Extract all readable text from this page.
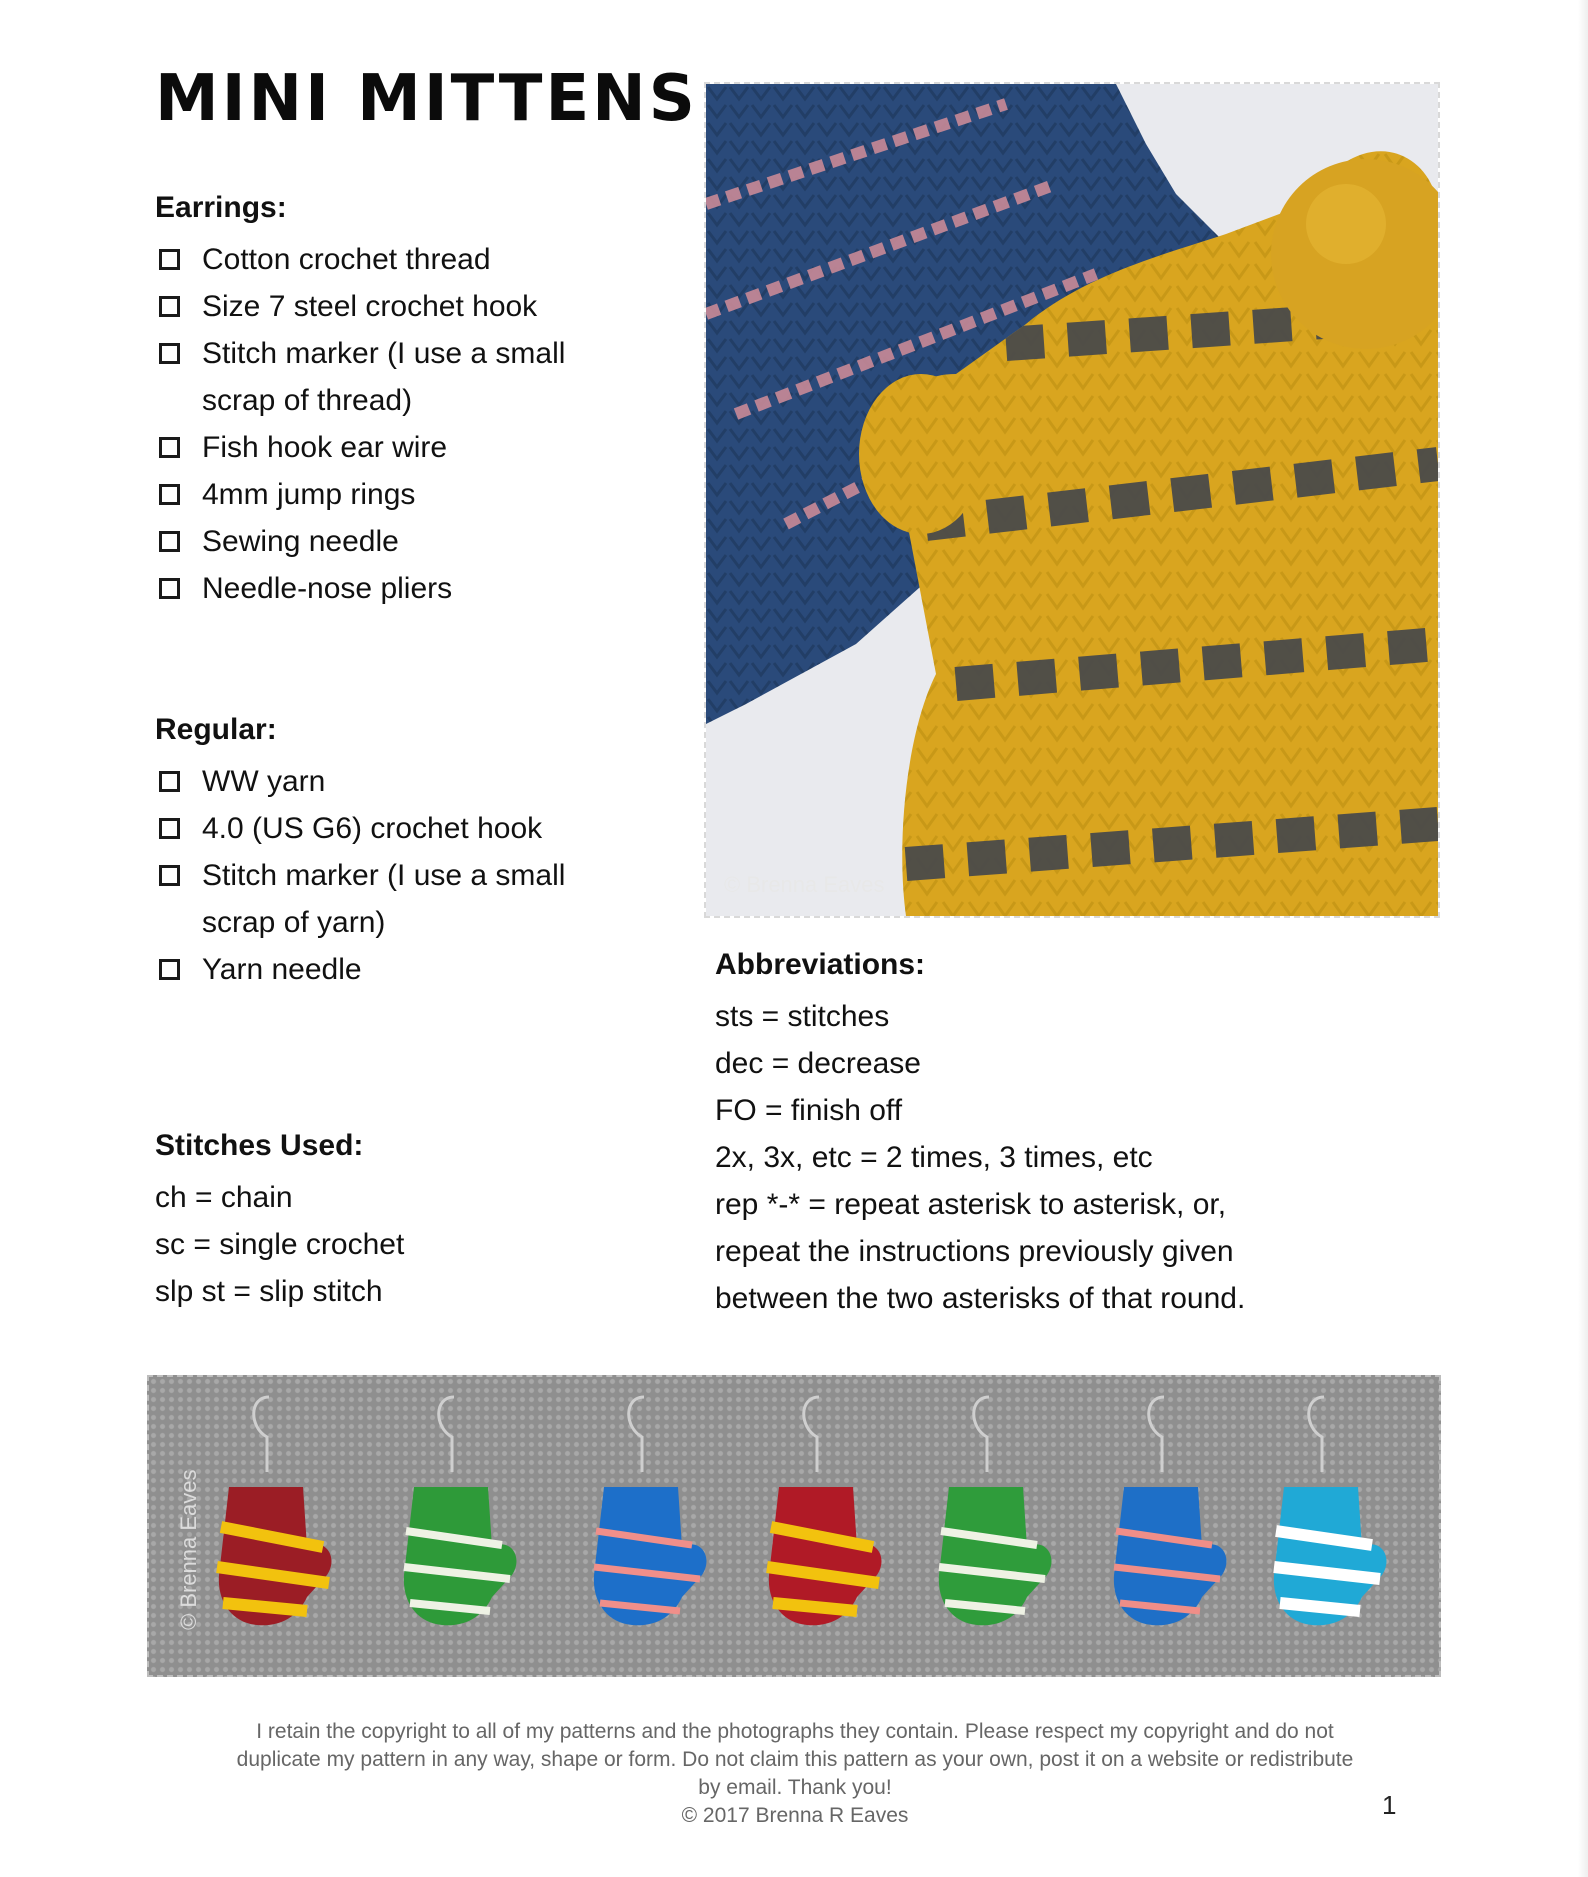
MINI MITTENS

Earrings:

Cotton crochet thread
Size 7 steel crochet hook
Stitch marker (I use a small
scrap of thread)
Fish hook ear wire
4mm jump rings
Sewing needle
Needle-nose pliers

Regular:

WW yarn
4.0 (US G6) crochet hook
Stitch marker (I use a small
scrap of yarn)
Yarn needle

Stitches Used:

ch = chain
sc = single crochet
slp st = slip stitch

Abbreviations:

sts = stitches
dec = decrease
FO = finish off
2x, 3x, etc = 2 times, 3 times, etc
rep *-* = repeat asterisk to asterisk, or,
repeat the instructions previously given
between the two asterisks of that round.
© Brenna Eaves
© Brenna Eaves

I retain the copyright to all of my patterns and the photographs they contain. Please respect my copyright and do not

duplicate my pattern in any way, shape or form. Do not claim this pattern as your own, post it on a website or redistribute

by email. Thank you!

© 2017 Brenna R Eaves	1
